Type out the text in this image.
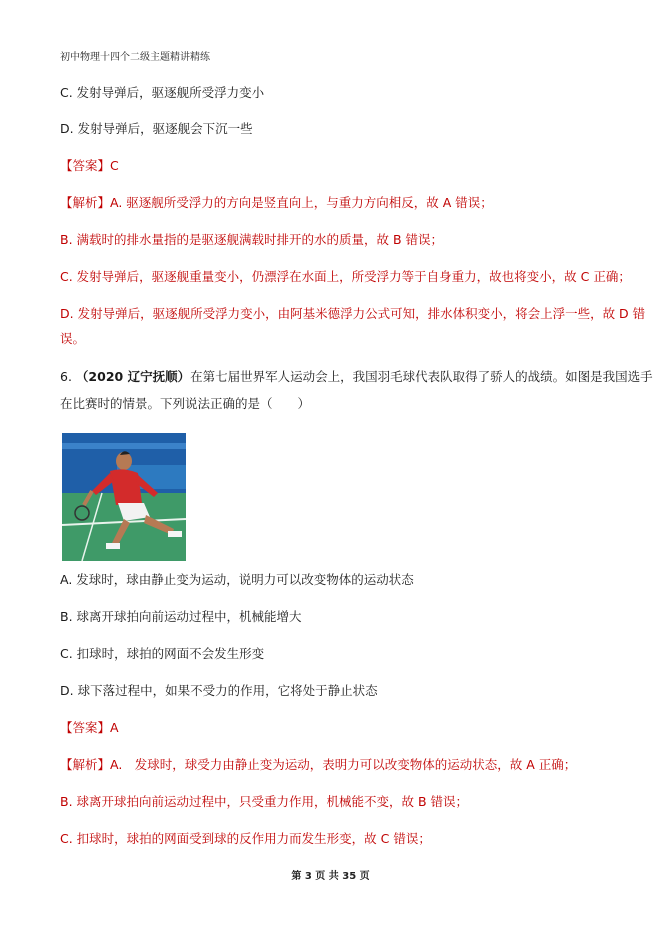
初中物理十四个二级主题精讲精练
C. 发射导弹后，驱逐舰所受浮力变小
D. 发射导弹后，驱逐舰会下沉一些
【答案】C
【解析】A. 驱逐舰所受浮力的方向是竖直向上，与重力方向相反，故 A 错误；
B. 满载时的排水量指的是驱逐舰满载时排开的水的质量，故 B 错误；
C. 发射导弹后，驱逐舰重量变小，仍漂浮在水面上，所受浮力等于自身重力，故也将变小，故 C 正确；
D. 发射导弹后，驱逐舰所受浮力变小，由阿基米德浮力公式可知，排水体积变小，将会上浮一些，故 D 错
误。
6. （2020 辽宁抚顺）在第七届世界军人运动会上，我国羽毛球代表队取得了骄人的战绩。如图是我国选手
在比赛时的情景。下列说法正确的是（　　）
A. 发球时，球由静止变为运动，说明力可以改变物体的运动状态
B. 球离开球拍向前运动过程中，机械能增大
C. 扣球时，球拍的网面不会发生形变
D. 球下落过程中，如果不受力的作用，它将处于静止状态
【答案】A
【解析】A.　发球时，球受力由静止变为运动，表明力可以改变物体的运动状态，故 A 正确；
B. 球离开球拍向前运动过程中，只受重力作用，机械能不变，故 B 错误；
C. 扣球时，球拍的网面受到球的反作用力而发生形变，故 C 错误；
第 3 页 共 35 页
